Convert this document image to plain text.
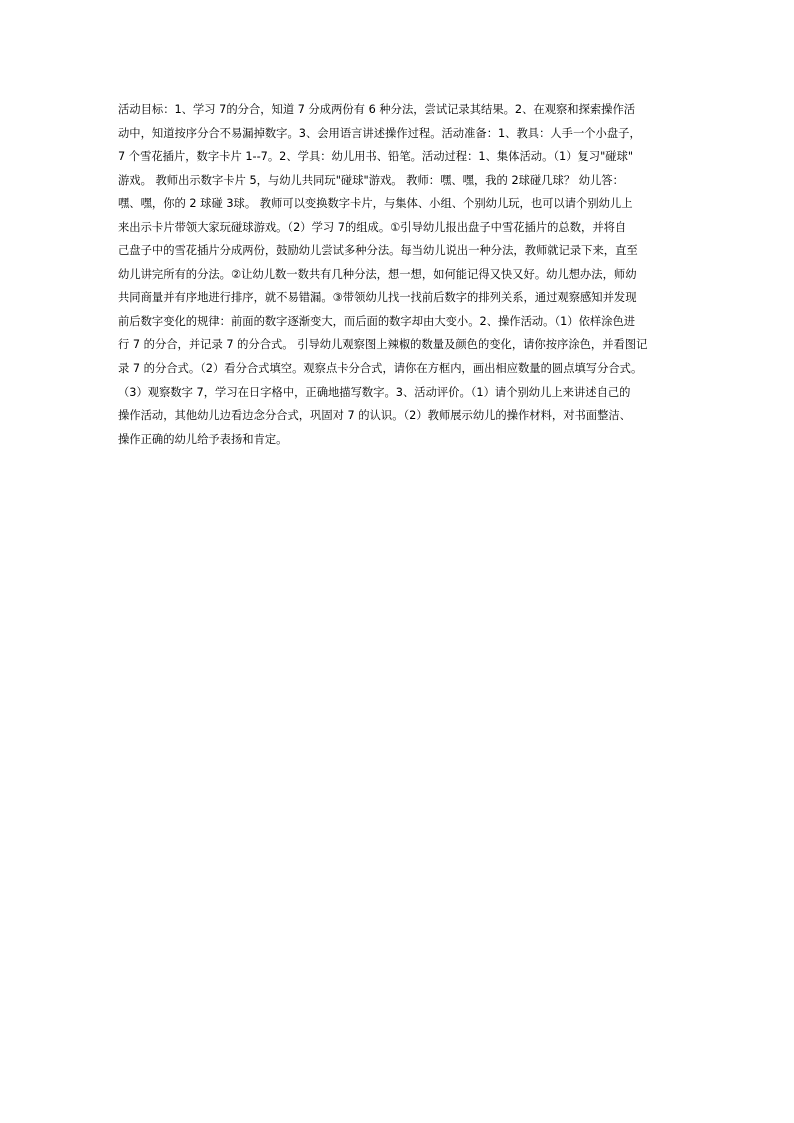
活动目标：1、学习 7的分合，知道 7 分成两份有 6 种分法，尝试记录其结果。2、在观察和探索操作活
动中，知道按序分合不易漏掉数字。3、会用语言讲述操作过程。活动准备：1、教具：人手一个小盘子，
7 个雪花插片，数字卡片 1--7。2、学具：幼儿用书、铅笔。活动过程：1、集体活动。（1）复习"碰球"
游戏。 教师出示数字卡片 5，与幼儿共同玩"碰球"游戏。 教师：嘿、嘿，我的 2球碰几球？ 幼儿答：
嘿、嘿，你的 2 球碰 3球。 教师可以变换数字卡片，与集体、小组、个别幼儿玩，也可以请个别幼儿上
来出示卡片带领大家玩碰球游戏。（2）学习 7的组成。①引导幼儿报出盘子中雪花插片的总数，并将自
己盘子中的雪花插片分成两份，鼓励幼儿尝试多种分法。每当幼儿说出一种分法，教师就记录下来，直至
幼儿讲完所有的分法。②让幼儿数一数共有几种分法，想一想，如何能记得又快又好。幼儿想办法，师幼
共同商量并有序地进行排序，就不易错漏。③带领幼儿找一找前后数字的排列关系，通过观察感知并发现
前后数字变化的规律：前面的数字逐渐变大，而后面的数字却由大变小。2、操作活动。（1）依样涂色进
行 7 的分合，并记录 7 的分合式。 引导幼儿观察图上辣椒的数量及颜色的变化，请你按序涂色，并看图记
录 7 的分合式。（2）看分合式填空。观察点卡分合式，请你在方框内，画出相应数量的圆点填写分合式。
（3）观察数字 7，学习在日字格中，正确地描写数字。3、活动评价。（1）请个别幼儿上来讲述自己的
操作活动，其他幼儿边看边念分合式，巩固对 7 的认识。（2）教师展示幼儿的操作材料，对书面整洁、
操作正确的幼儿给予表扬和肯定。
